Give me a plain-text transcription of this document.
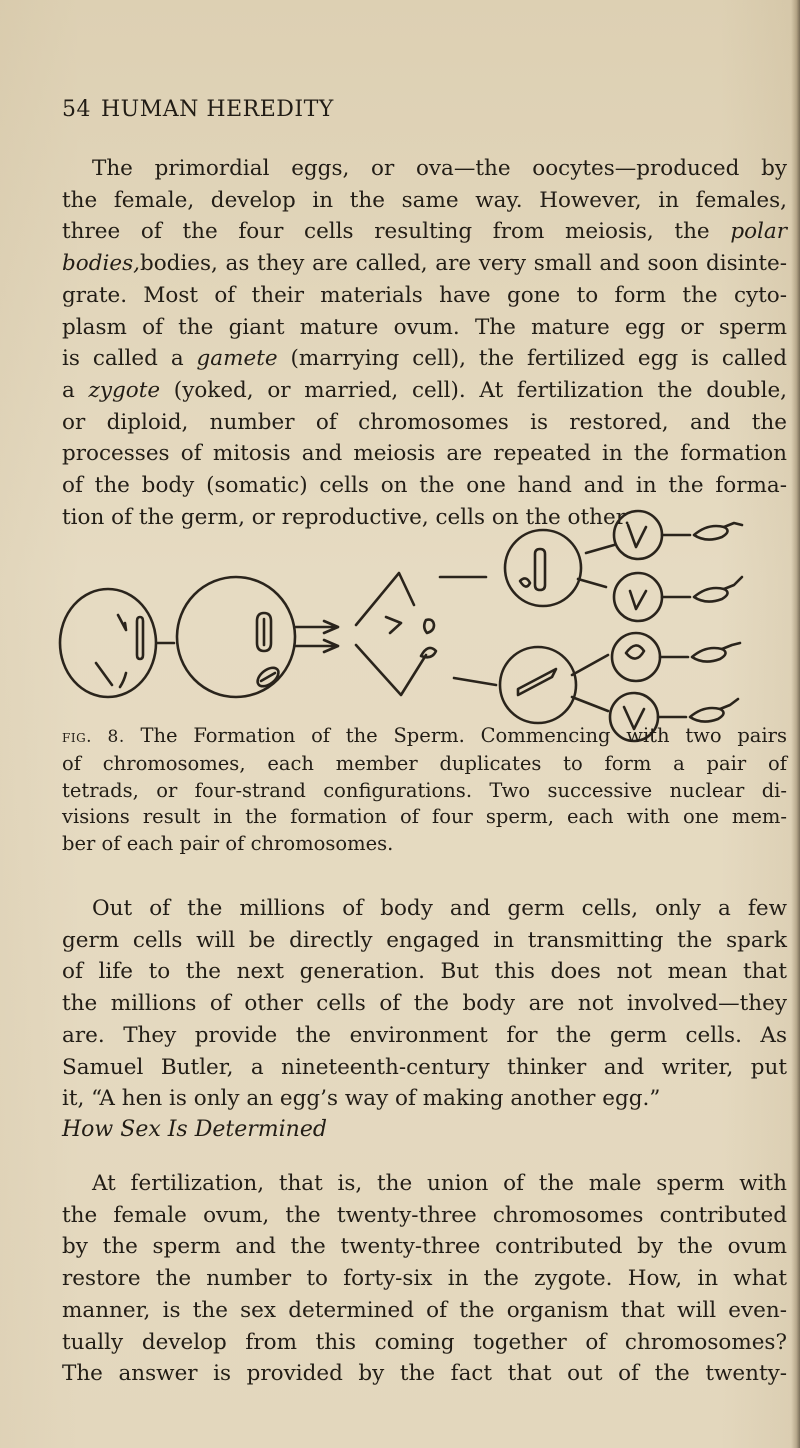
54 HUMAN HEREDITY
The primordial eggs, or ova—the oocytes—produced by
the female, develop in the same way. However, in females,
three of the four cells resulting from meiosis, the polar
bodies,bodies, as they are called, are very small and soon disinte-
grate. Most of their materials have gone to form the cyto-
plasm of the giant mature ovum. The mature egg or sperm
is called a gamete (marrying cell), the fertilized egg is called
a zygote (yoked, or married, cell). At fertilization the double,
or diploid, number of chromosomes is restored, and the
processes of mitosis and meiosis are repeated in the formation
of the body (somatic) cells on the one hand and in the forma-
tion of the germ, or reproductive, cells on the other.
fig. 8. The Formation of the Sperm. Commencing with two pairs
of chromosomes, each member duplicates to form a pair of
tetrads, or four-strand configurations. Two successive nuclear di-
visions result in the formation of four sperm, each with one mem-
ber of each pair of chromosomes.
Out of the millions of body and germ cells, only a few
germ cells will be directly engaged in transmitting the spark
of life to the next generation. But this does not mean that
the millions of other cells of the body are not involved—they
are. They provide the environment for the germ cells. As
Samuel Butler, a nineteenth-century thinker and writer, put
it, “A hen is only an egg’s way of making another egg.”
How Sex Is Determined
At fertilization, that is, the union of the male sperm with
the female ovum, the twenty-three chromosomes contributed
by the sperm and the twenty-three contributed by the ovum
restore the number to forty-six in the zygote. How, in what
manner, is the sex determined of the organism that will even-
tually develop from this coming together of chromosomes?
The answer is provided by the fact that out of the twenty-
